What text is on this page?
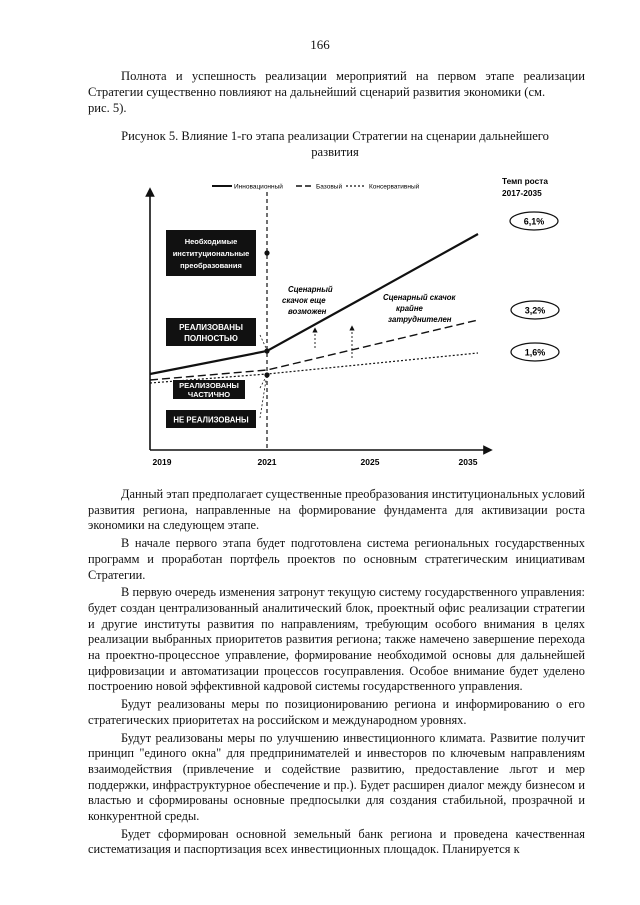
166
Полнота и успешность реализации мероприятий на первом этапе реализации
Стратегии существенно повлияют на дальнейший сценарий развития экономики (см.
рис. 5).
Рисунок 5. Влияние 1-го этапа реализации Стратегии на сценарии дальнейшего
развития
Инновационный	Базовый	Консервативный
Необходимые
институциональные
преобразования
РЕАЛИЗОВАНЫ
ПОЛНОСТЬЮ
РЕАЛИЗОВАНЫ
ЧАСТИЧНО
НЕ РЕАЛИЗОВАНЫ
Сценарный
скачок еще
возможен
Сценарный скачок
крайне
затруднителен
Темп роста
2017-2035
6,1%
3,2%
1,6%
2019	2021	2025	2035

Данный этап предполагает существенные преобразования институциональных условий развития региона, направленные на формирование фундамента для активизации роста экономики на следующем этапе.

В начале первого этапа будет подготовлена система региональных государственных программ и проработан портфель проектов по основным стратегическим инициативам Стратегии.

В первую очередь изменения затронут текущую систему государственного управления: будет создан централизованный аналитический блок, проектный офис реализации стратегии и другие институты развития по направлениям, требующим особого внимания в целях реализации выбранных приоритетов развития региона; также намечено завершение перехода на проектно-процессное управление, формирование необходимой основы для дальнейшей цифровизации и автоматизации процессов госуправления. Особое внимание будет уделено построению новой эффективной кадровой системы государственного управления.

Будут реализованы меры по позиционированию региона и информированию о его стратегических приоритетах на российском и международном уровнях.

Будут реализованы меры по улучшению инвестиционного климата. Развитие получит принцип "единого окна" для предпринимателей и инвесторов по ключевым направлениям взаимодействия (привлечение и содействие развитию, предоставление льгот и мер поддержки, инфраструктурное обеспечение и пр.). Будет расширен диалог между бизнесом и властью и сформированы основные предпосылки для создания стабильной, прозрачной и конкурентной среды.

Будет сформирован основной земельный банк региона и проведена качественная систематизация и паспортизация всех инвестиционных площадок. Планируется к
